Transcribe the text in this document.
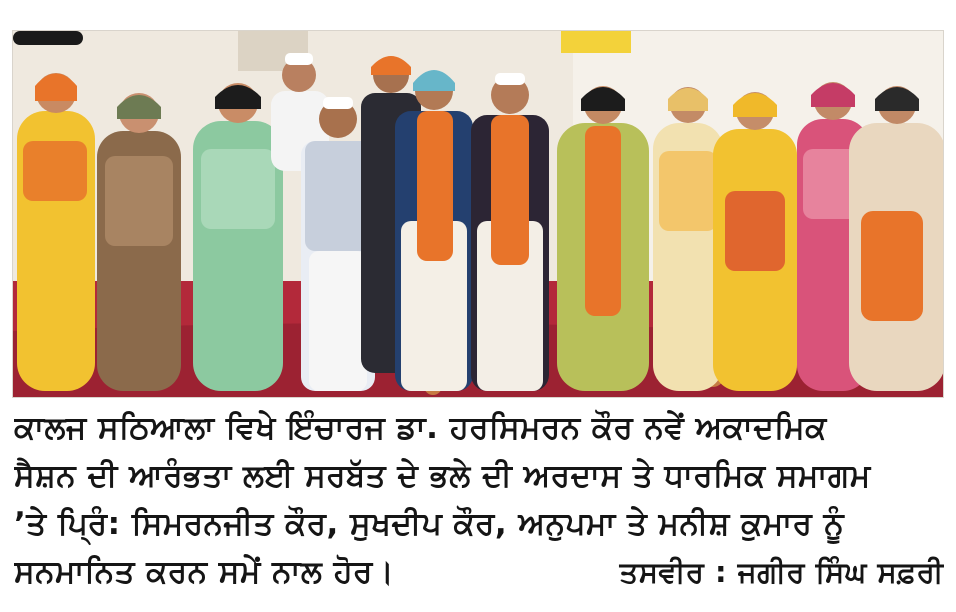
ਕਾਲਜ ਸਠਿਆਲਾ ਵਿਖੇ ਇੰਚਾਰਜ ਡਾ. ਹਰਸਿਮਰਨ ਕੌਰ ਨਵੇਂ ਅਕਾਦਮਿਕ
ਸੈਸ਼ਨ ਦੀ ਆਰੰਭਤਾ ਲਈ ਸਰਬੱਤ ਦੇ ਭਲੇ ਦੀ ਅਰਦਾਸ ਤੇ ਧਾਰਮਿਕ ਸਮਾਗਮ
’ਤੇ ਪ੍ਰਿੰ: ਸਿਮਰਨਜੀਤ ਕੌਰ, ਸੁਖਦੀਪ ਕੌਰ, ਅਨੁਪਮਾ ਤੇ ਮਨੀਸ਼ ਕੁਮਾਰ ਨੂੰ
ਸਨਮਾਨਿਤ ਕਰਨ ਸਮੇਂ ਨਾਲ ਹੋਰ।	ਤਸਵੀਰ : ਜਗੀਰ ਸਿੰਘ ਸਫ਼ਰੀ
